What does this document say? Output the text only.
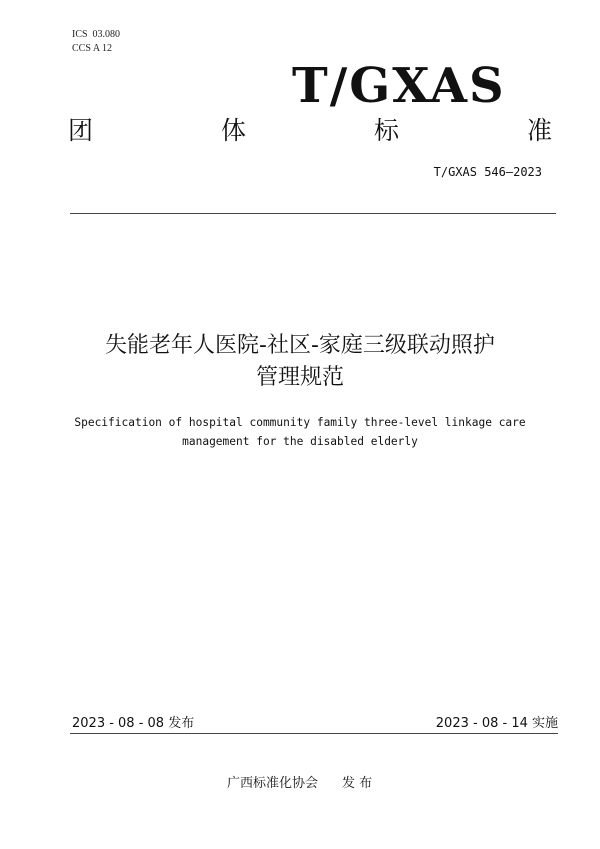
ICS  03.080
CCS A 12
T/GXAS
团	体	标	准
T/GXAS 546—2023
失能老年人医院-社区-家庭三级联动照护
管理规范
Specification of hospital community family three-level linkage care
management for the disabled elderly
2023 - 08 - 08 发布	2023 - 08 - 14 实施
广西标准化协会 发 布
